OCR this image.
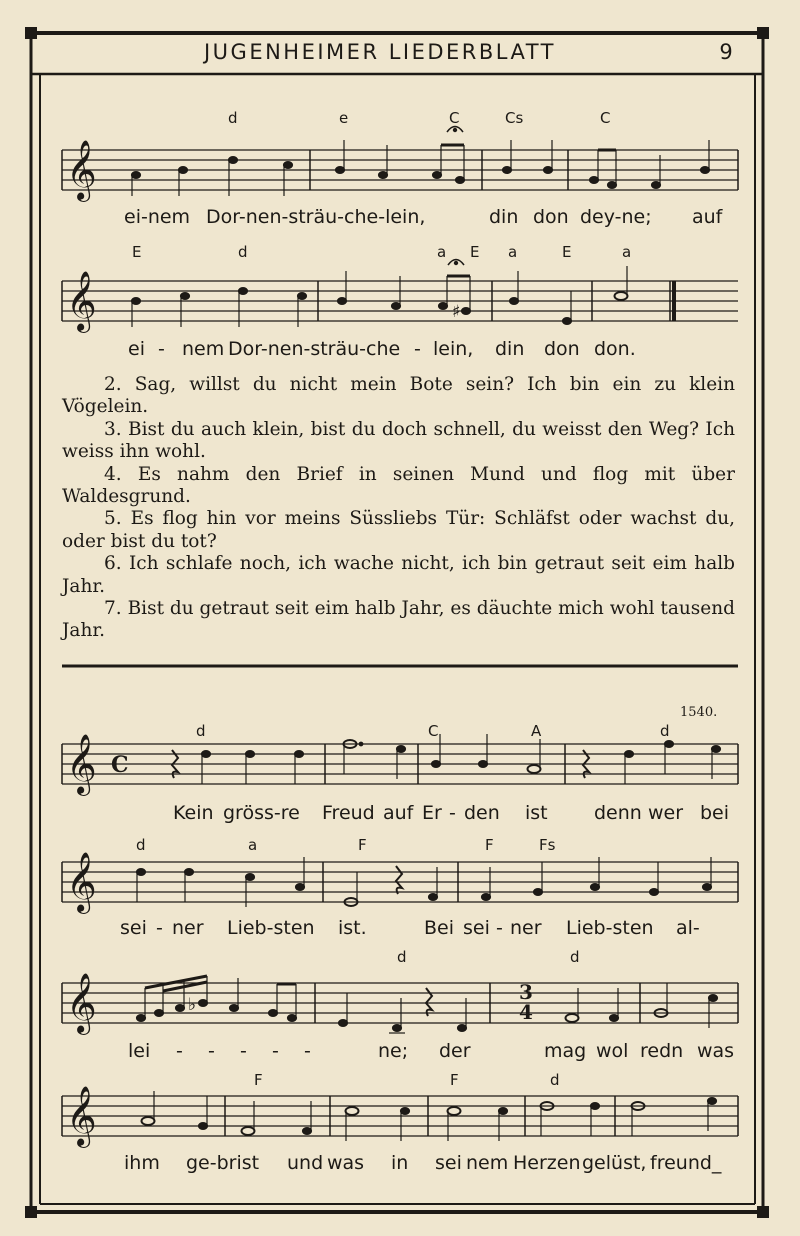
JUGENHEIMER LIEDERBLATT	9
d	e	C	Cs	C
𝄞
ei-nem Dor-nen-sträu-che-lein,	din don dey-ne; auf
E	d	a E a	E	a
𝄞	♯
ei - nem Dor-nen-sträu-che - lein, din don don.

2. Sag, willst du nicht mein Bote sein? Ich bin ein zu klein Vögelein.

3. Bist du auch klein, bist du doch schnell, du weisst den Weg? Ich weiss ihn wohl.

4. Es nahm den Brief in seinen Mund und flog mit über Waldesgrund.

5. Es flog hin vor meins Süssliebs Tür: Schläfst oder wachst du, oder bist du tot?

6. Ich schlafe noch, ich wache nicht, ich bin getraut seit eim halb Jahr.

7. Bist du getraut seit eim halb Jahr, es däuchte mich wohl tausend Jahr.

1540.
d	C	A	d
𝄞 C
Kein gröss-re Freud auf Er - den ist denn wer bei
d	a	F	F	Fs
𝄞
sei - ner Lieb-sten ist.	Bei sei - ner Lieb-sten al-
d	d
𝄞	♭
3
4
lei - - - - -	ne; der	mag wol redn was
F	F	d
𝄞
ihm ge-brist und was in sei nem Herzen gelüst, freund_
